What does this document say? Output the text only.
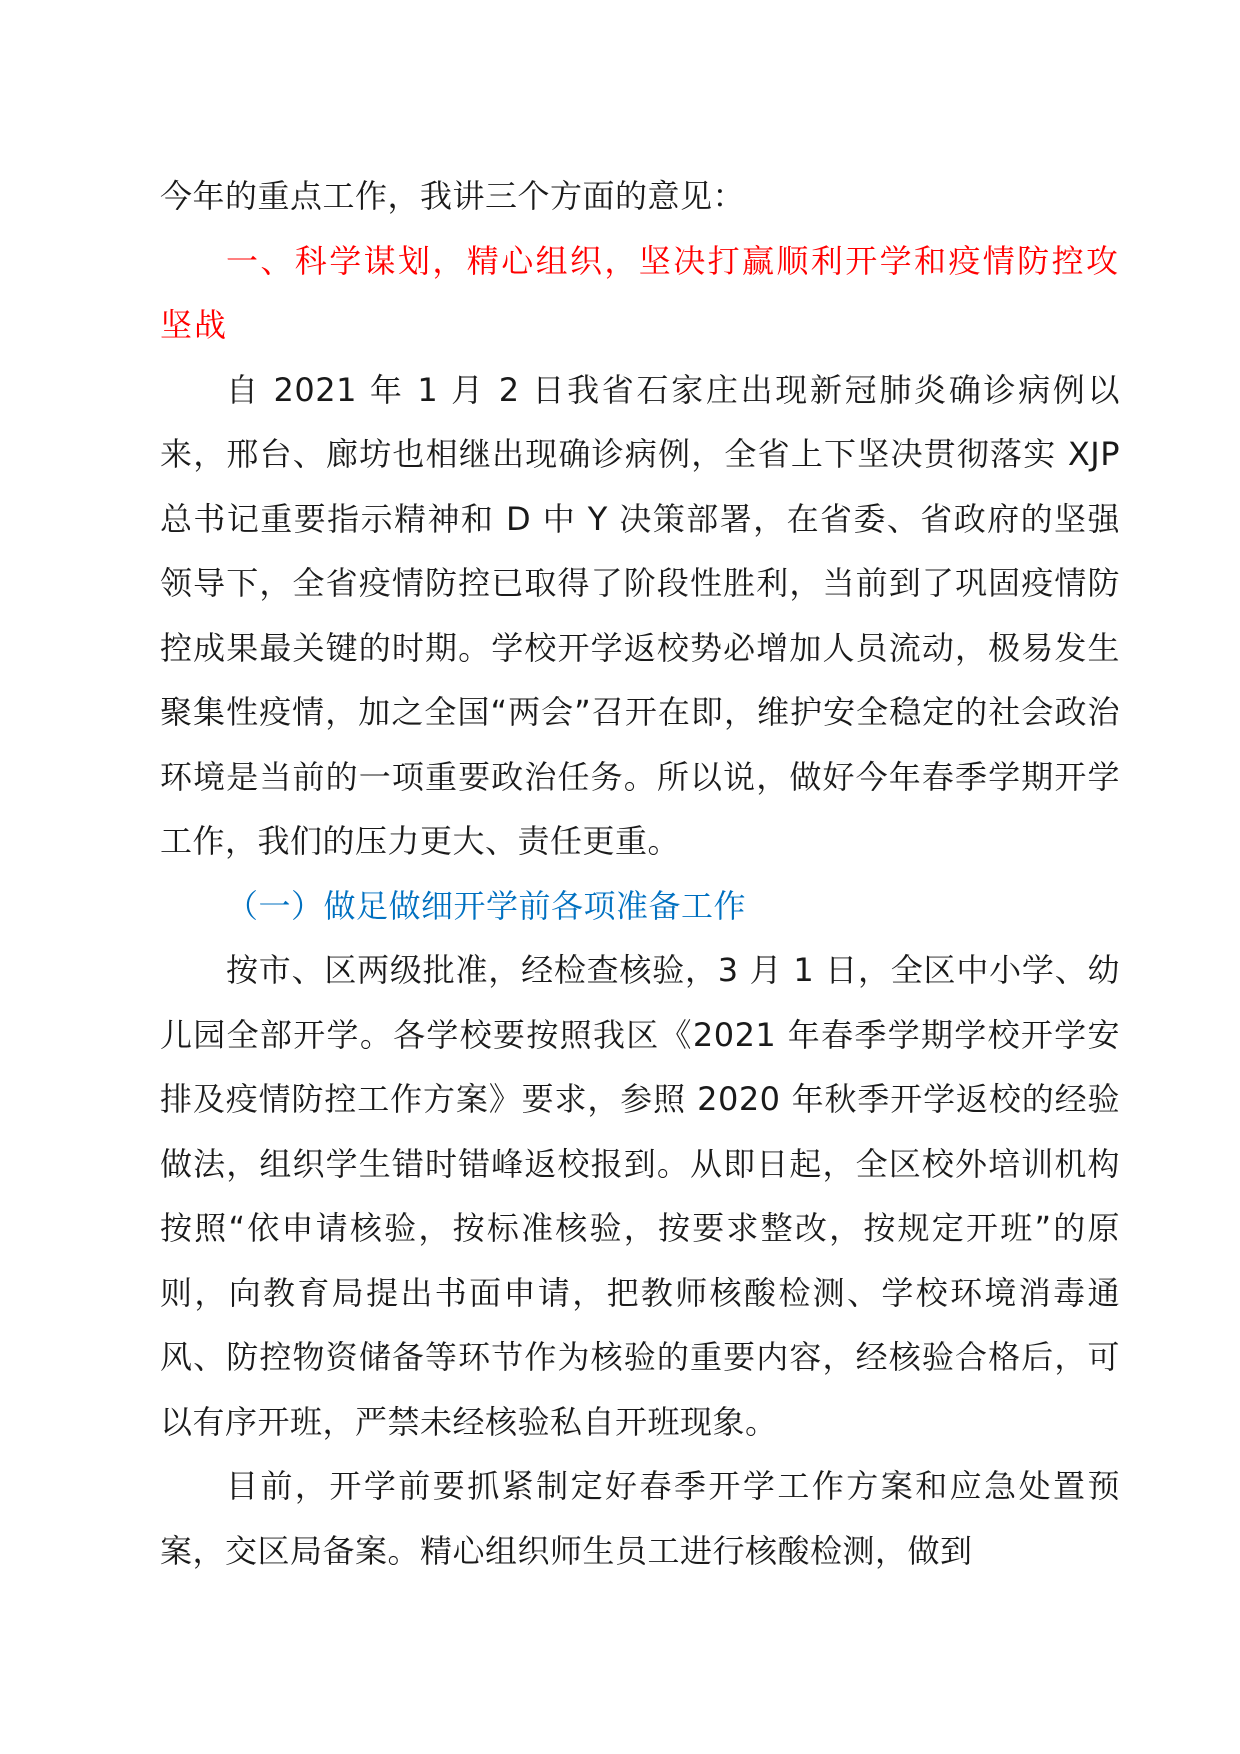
今年的重点工作，我讲三个方面的意见：

一、科学谋划，精心组织，坚决打赢顺利开学和疫情防控攻坚战

自 2021 年 1 月 2 日我省石家庄出现新冠肺炎确诊病例以来，邢台、廊坊也相继出现确诊病例，全省上下坚决贯彻落实 XJP 总书记重要指示精神和 D 中 Y 决策部署，在省委、省政府的坚强领导下，全省疫情防控已取得了阶段性胜利，当前到了巩固疫情防控成果最关键的时期。学校开学返校势必增加人员流动，极易发生聚集性疫情，加之全国“两会”召开在即，维护安全稳定的社会政治环境是当前的一项重要政治任务。所以说，做好今年春季学期开学工作，我们的压力更大、责任更重。

（一）做足做细开学前各项准备工作

按市、区两级批准，经检查核验，3 月 1 日，全区中小学、幼儿园全部开学。各学校要按照我区《2021 年春季学期学校开学安排及疫情防控工作方案》要求，参照 2020 年秋季开学返校的经验做法，组织学生错时错峰返校报到。从即日起，全区校外培训机构按照“依申请核验，按标准核验，按要求整改，按规定开班”的原则，向教育局提出书面申请，把教师核酸检测、学校环境消毒通风、防控物资储备等环节作为核验的重要内容，经核验合格后，可以有序开班，严禁未经核验私自开班现象。

目前，开学前要抓紧制定好春季开学工作方案和应急处置预案，交区局备案。精心组织师生员工进行核酸检测，做到
